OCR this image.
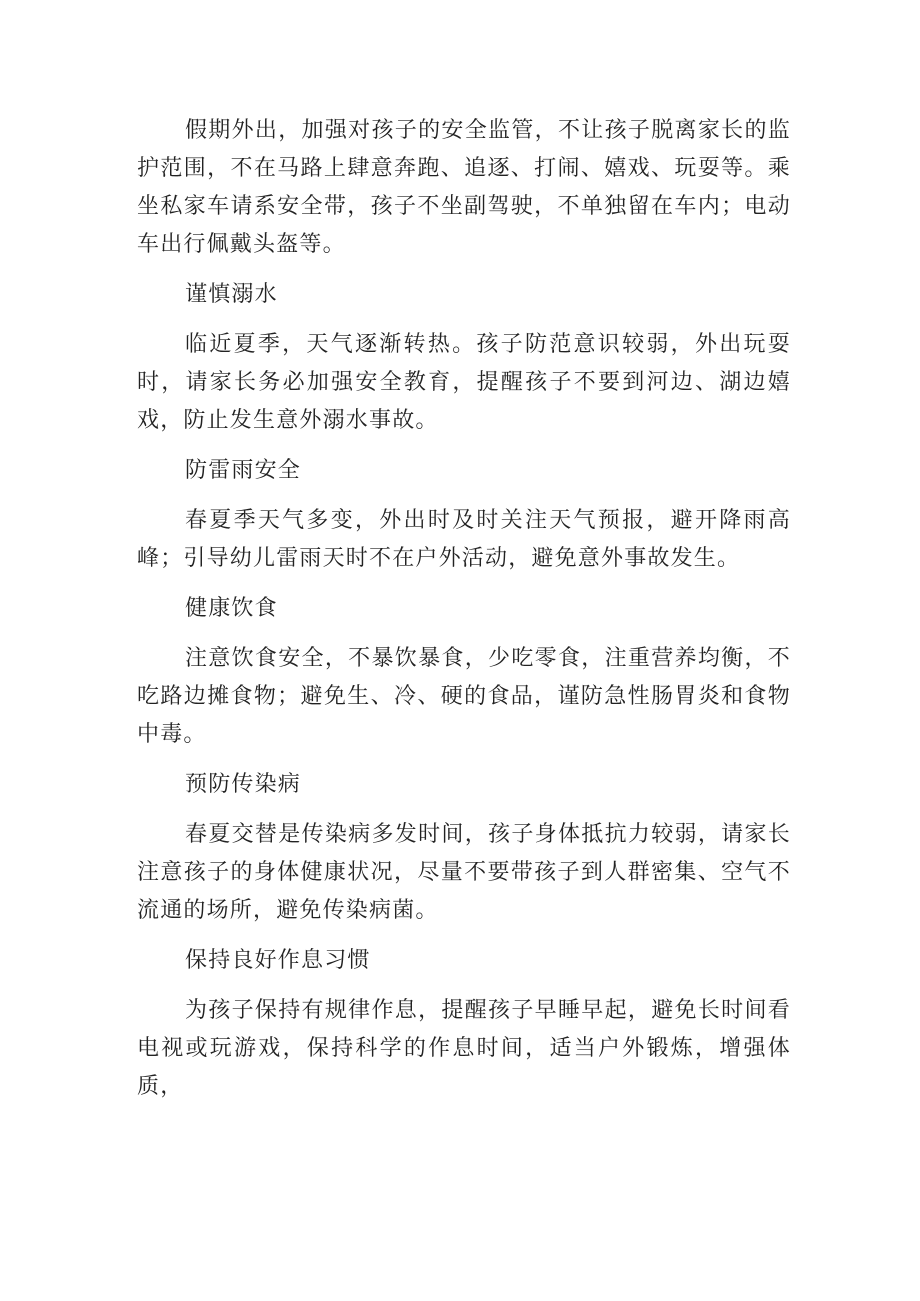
假期外出，加强对孩子的安全监管，不让孩子脱离家长的监护范围，不在马路上肆意奔跑、追逐、打闹、嬉戏、玩耍等。乘坐私家车请系安全带，孩子不坐副驾驶，不单独留在车内；电动车出行佩戴头盔等。

谨慎溺水

临近夏季，天气逐渐转热。孩子防范意识较弱，外出玩耍时，请家长务必加强安全教育，提醒孩子不要到河边、湖边嬉戏，防止发生意外溺水事故。

防雷雨安全

春夏季天气多变，外出时及时关注天气预报，避开降雨高峰；引导幼儿雷雨天时不在户外活动，避免意外事故发生。

健康饮食

注意饮食安全，不暴饮暴食，少吃零食，注重营养均衡，不吃路边摊食物；避免生、冷、硬的食品，谨防急性肠胃炎和食物中毒。

预防传染病

春夏交替是传染病多发时间，孩子身体抵抗力较弱，请家长注意孩子的身体健康状况，尽量不要带孩子到人群密集、空气不流通的场所，避免传染病菌。

保持良好作息习惯

为孩子保持有规律作息，提醒孩子早睡早起，避免长时间看电视或玩游戏，保持科学的作息时间，适当户外锻炼，增强体质，
